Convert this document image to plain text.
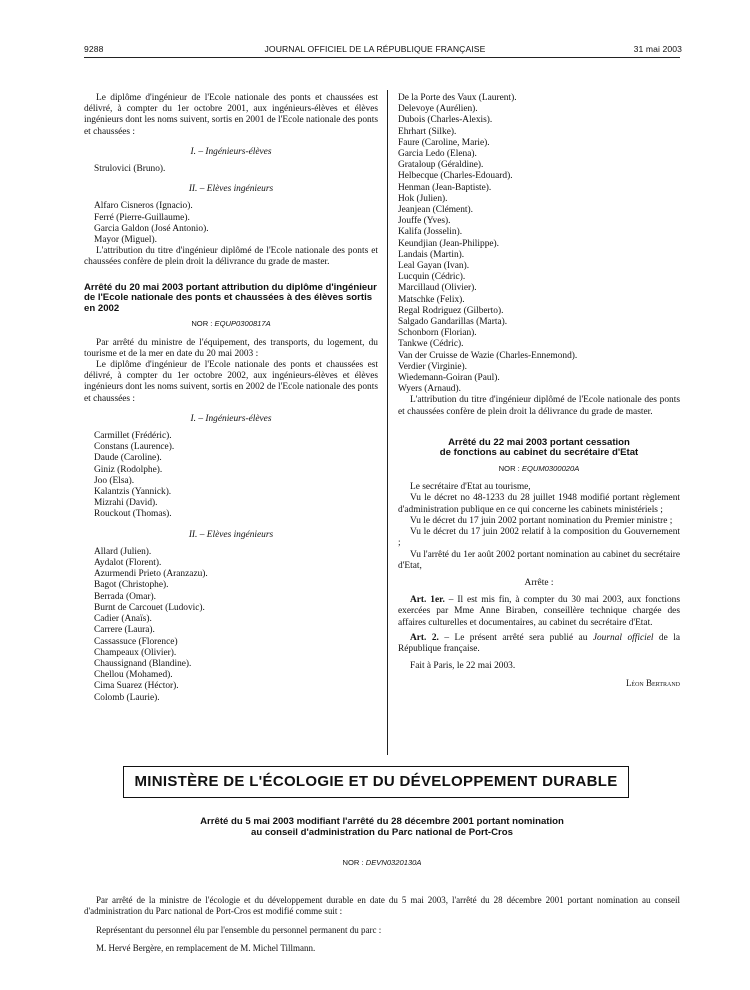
9288	JOURNAL OFFICIEL DE LA RÉPUBLIQUE FRANÇAISE	31 mai 2003

Le diplôme d'ingénieur de l'Ecole nationale des ponts et chaussées est délivré, à compter du 1er octobre 2001, aux ingénieurs-élèves et élèves ingénieurs dont les noms suivent, sortis en 2001 de l'Ecole nationale des ponts et chaussées :

I. – Ingénieurs-élèves
Strulovici (Bruno).
II. – Elèves ingénieurs
Alfaro Cisneros (Ignacio).
Ferré (Pierre-Guillaume).
Garcia Galdon (José Antonio).
Mayor (Miguel).

L'attribution du titre d'ingénieur diplômé de l'Ecole nationale des ponts et chaussées confère de plein droit la délivrance du grade de master.

Arrêté du 20 mai 2003 portant attribution du diplôme d'ingénieur de l'Ecole nationale des ponts et chaussées à des élèves sortis en 2002
NOR : EQUP0300817A

Par arrêté du ministre de l'équipement, des transports, du logement, du tourisme et de la mer en date du 20 mai 2003 :

Le diplôme d'ingénieur de l'Ecole nationale des ponts et chaussées est délivré, à compter du 1er octobre 2002, aux ingénieurs-élèves et élèves ingénieurs dont les noms suivent, sortis en 2002 de l'Ecole nationale des ponts et chaussées :

I. – Ingénieurs-élèves
Carmillet (Frédéric).
Constans (Laurence).
Daude (Caroline).
Giniz (Rodolphe).
Joo (Elsa).
Kalantzis (Yannick).
Mizrahi (David).
Rouckout (Thomas).
II. – Elèves ingénieurs
Allard (Julien).
Aydalot (Florent).
Azurmendi Prieto (Aranzazu).
Bagot (Christophe).
Berrada (Omar).
Burnt de Carcouet (Ludovic).
Cadier (Anaïs).
Carrere (Laura).
Cassassuce (Florence)
Champeaux (Olivier).
Chaussignand (Blandine).
Chellou (Mohamed).
Cima Suarez (Héctor).
Colomb (Laurie).
De la Porte des Vaux (Laurent).
Delevoye (Aurélien).
Dubois (Charles-Alexis).
Ehrhart (Silke).
Faure (Caroline, Marie).
Garcia Ledo (Elena).
Grataloup (Géraldine).
Helbecque (Charles-Edouard).
Henman (Jean-Baptiste).
Hok (Julien).
Jeanjean (Clément).
Jouffe (Yves).
Kalifa (Josselin).
Keundjian (Jean-Philippe).
Landais (Martin).
Leal Gayan (Ivan).
Lucquin (Cédric).
Marcillaud (Olivier).
Matschke (Felix).
Regal Rodriguez (Gilberto).
Salgado Gandarillas (Marta).
Schonborn (Florian).
Tankwe (Cédric).
Van der Cruisse de Wazie (Charles-Ennemond).
Verdier (Virginie).
Wiedemann-Goiran (Paul).
Wyers (Arnaud).

L'attribution du titre d'ingénieur diplômé de l'Ecole nationale des ponts et chaussées confère de plein droit la délivrance du grade de master.

Arrêté du 22 mai 2003 portant cessation
de fonctions au cabinet du secrétaire d'Etat
NOR : EQUM0300020A

Le secrétaire d'Etat au tourisme,

Vu le décret no 48-1233 du 28 juillet 1948 modifié portant règlement d'administration publique en ce qui concerne les cabinets ministériels ;

Vu le décret du 17 juin 2002 portant nomination du Premier ministre ;

Vu le décret du 17 juin 2002 relatif à la composition du Gouvernement ;

Vu l'arrêté du 1er août 2002 portant nomination au cabinet du secrétaire d'Etat,

Arrête :

Art. 1er. – Il est mis fin, à compter du 30 mai 2003, aux fonctions exercées par Mme Anne Biraben, conseillère technique chargée des affaires culturelles et documentaires, au cabinet du secrétaire d'Etat.

Art. 2. – Le présent arrêté sera publié au Journal officiel de la République française.

Fait à Paris, le 22 mai 2003.

Léon Bertrand
MINISTÈRE DE L'ÉCOLOGIE ET DU DÉVELOPPEMENT DURABLE
Arrêté du 5 mai 2003 modifiant l'arrêté du 28 décembre 2001 portant nomination
au conseil d'administration du Parc national de Port-Cros
NOR : DEVN0320130A

Par arrêté de la ministre de l'écologie et du développement durable en date du 5 mai 2003, l'arrêté du 28 décembre 2001 portant nomination au conseil d'administration du Parc national de Port-Cros est modifié comme suit :

Représentant du personnel élu par l'ensemble du personnel permanent du parc :

M. Hervé Bergère, en remplacement de M. Michel Tillmann.
